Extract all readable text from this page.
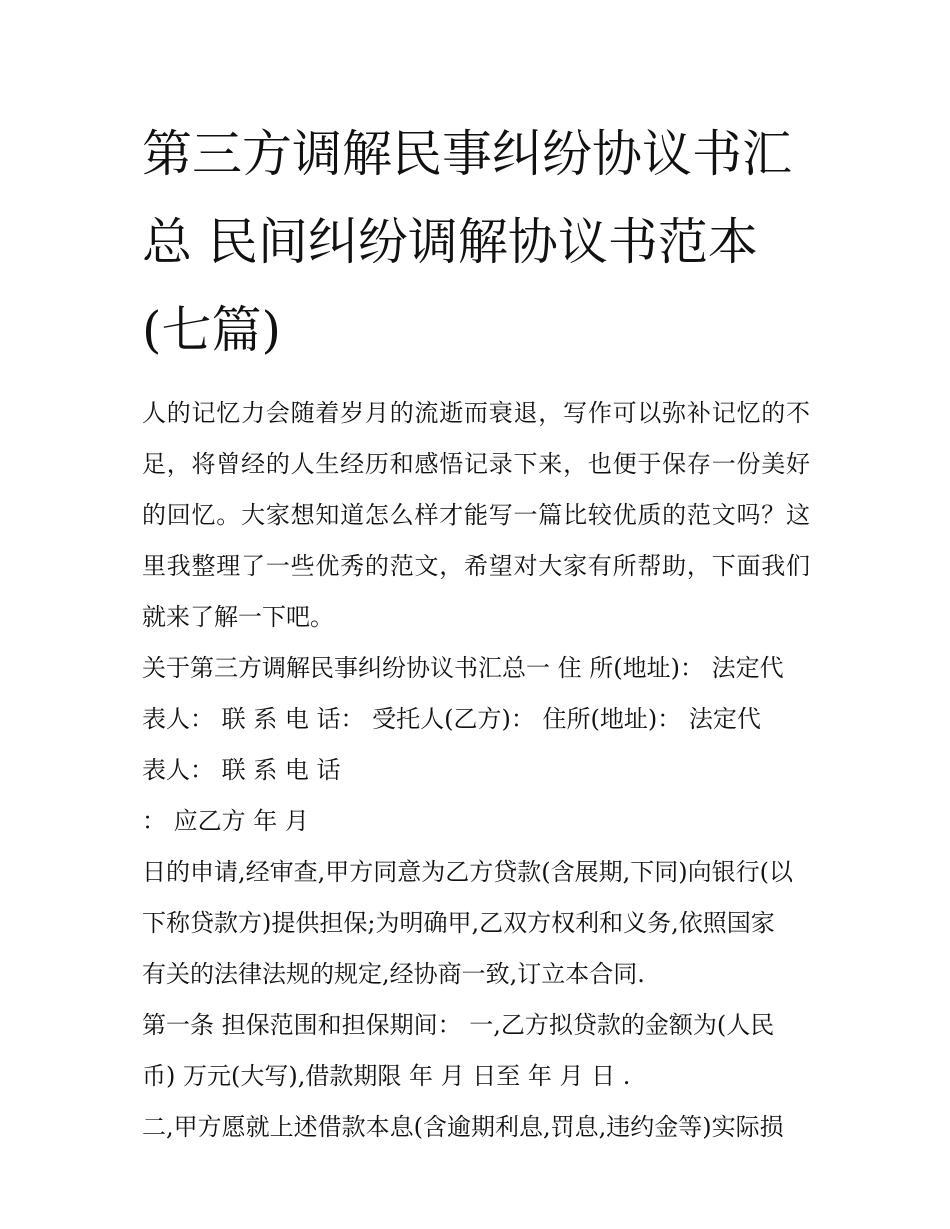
第三方调解民事纠纷协议书汇
总 民间纠纷调解协议书范本
(七篇)
人的记忆力会随着岁月的流逝而衰退，写作可以弥补记忆的不
足，将曾经的人生经历和感悟记录下来，也便于保存一份美好
的回忆。大家想知道怎么样才能写一篇比较优质的范文吗？这
里我整理了一些优秀的范文，希望对大家有所帮助，下面我们
就来了解一下吧。
关于第三方调解民事纠纷协议书汇总一 住 所(地址)： 法定代
表人： 联 系 电 话： 受托人(乙方)： 住所(地址)： 法定代
表人： 联 系 电 话
： 应乙方 年 月
日的申请,经审查,甲方同意为乙方贷款(含展期,下同)向银行(以
下称贷款方)提供担保;为明确甲,乙双方权利和义务,依照国家
有关的法律法规的规定,经协商一致,订立本合同.
第一条 担保范围和担保期间： 一,乙方拟贷款的金额为(人民
币) 万元(大写),借款期限 年 月 日至 年 月 日 .
二,甲方愿就上述借款本息(含逾期利息,罚息,违约金等)实际损
